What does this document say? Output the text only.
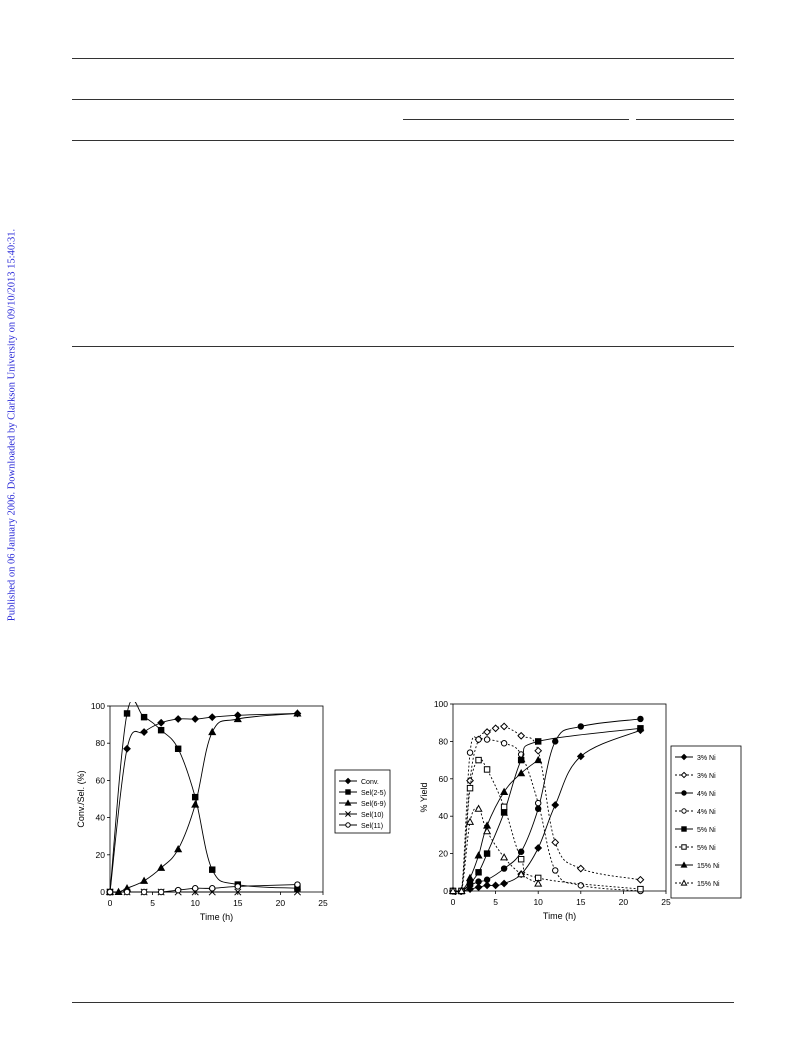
Published on 06 January 2006. Downloaded by Clarkson University on 09/10/2013 15:40:31.
0	5	10	15	20	25
0
20
40
60
80
100
Time (h)
Conv./Sel. (%)	Conv.
Sel(2-5)
Sel(6-9)
Sel(10)
Sel(11)
0	5	10	15	20	25
0
20
40
60
80
100
Time (h)
% Yield
3% Ni
3% Ni
4% Ni
4% Ni
5% Ni
5% Ni
15% Ni
15% Ni
